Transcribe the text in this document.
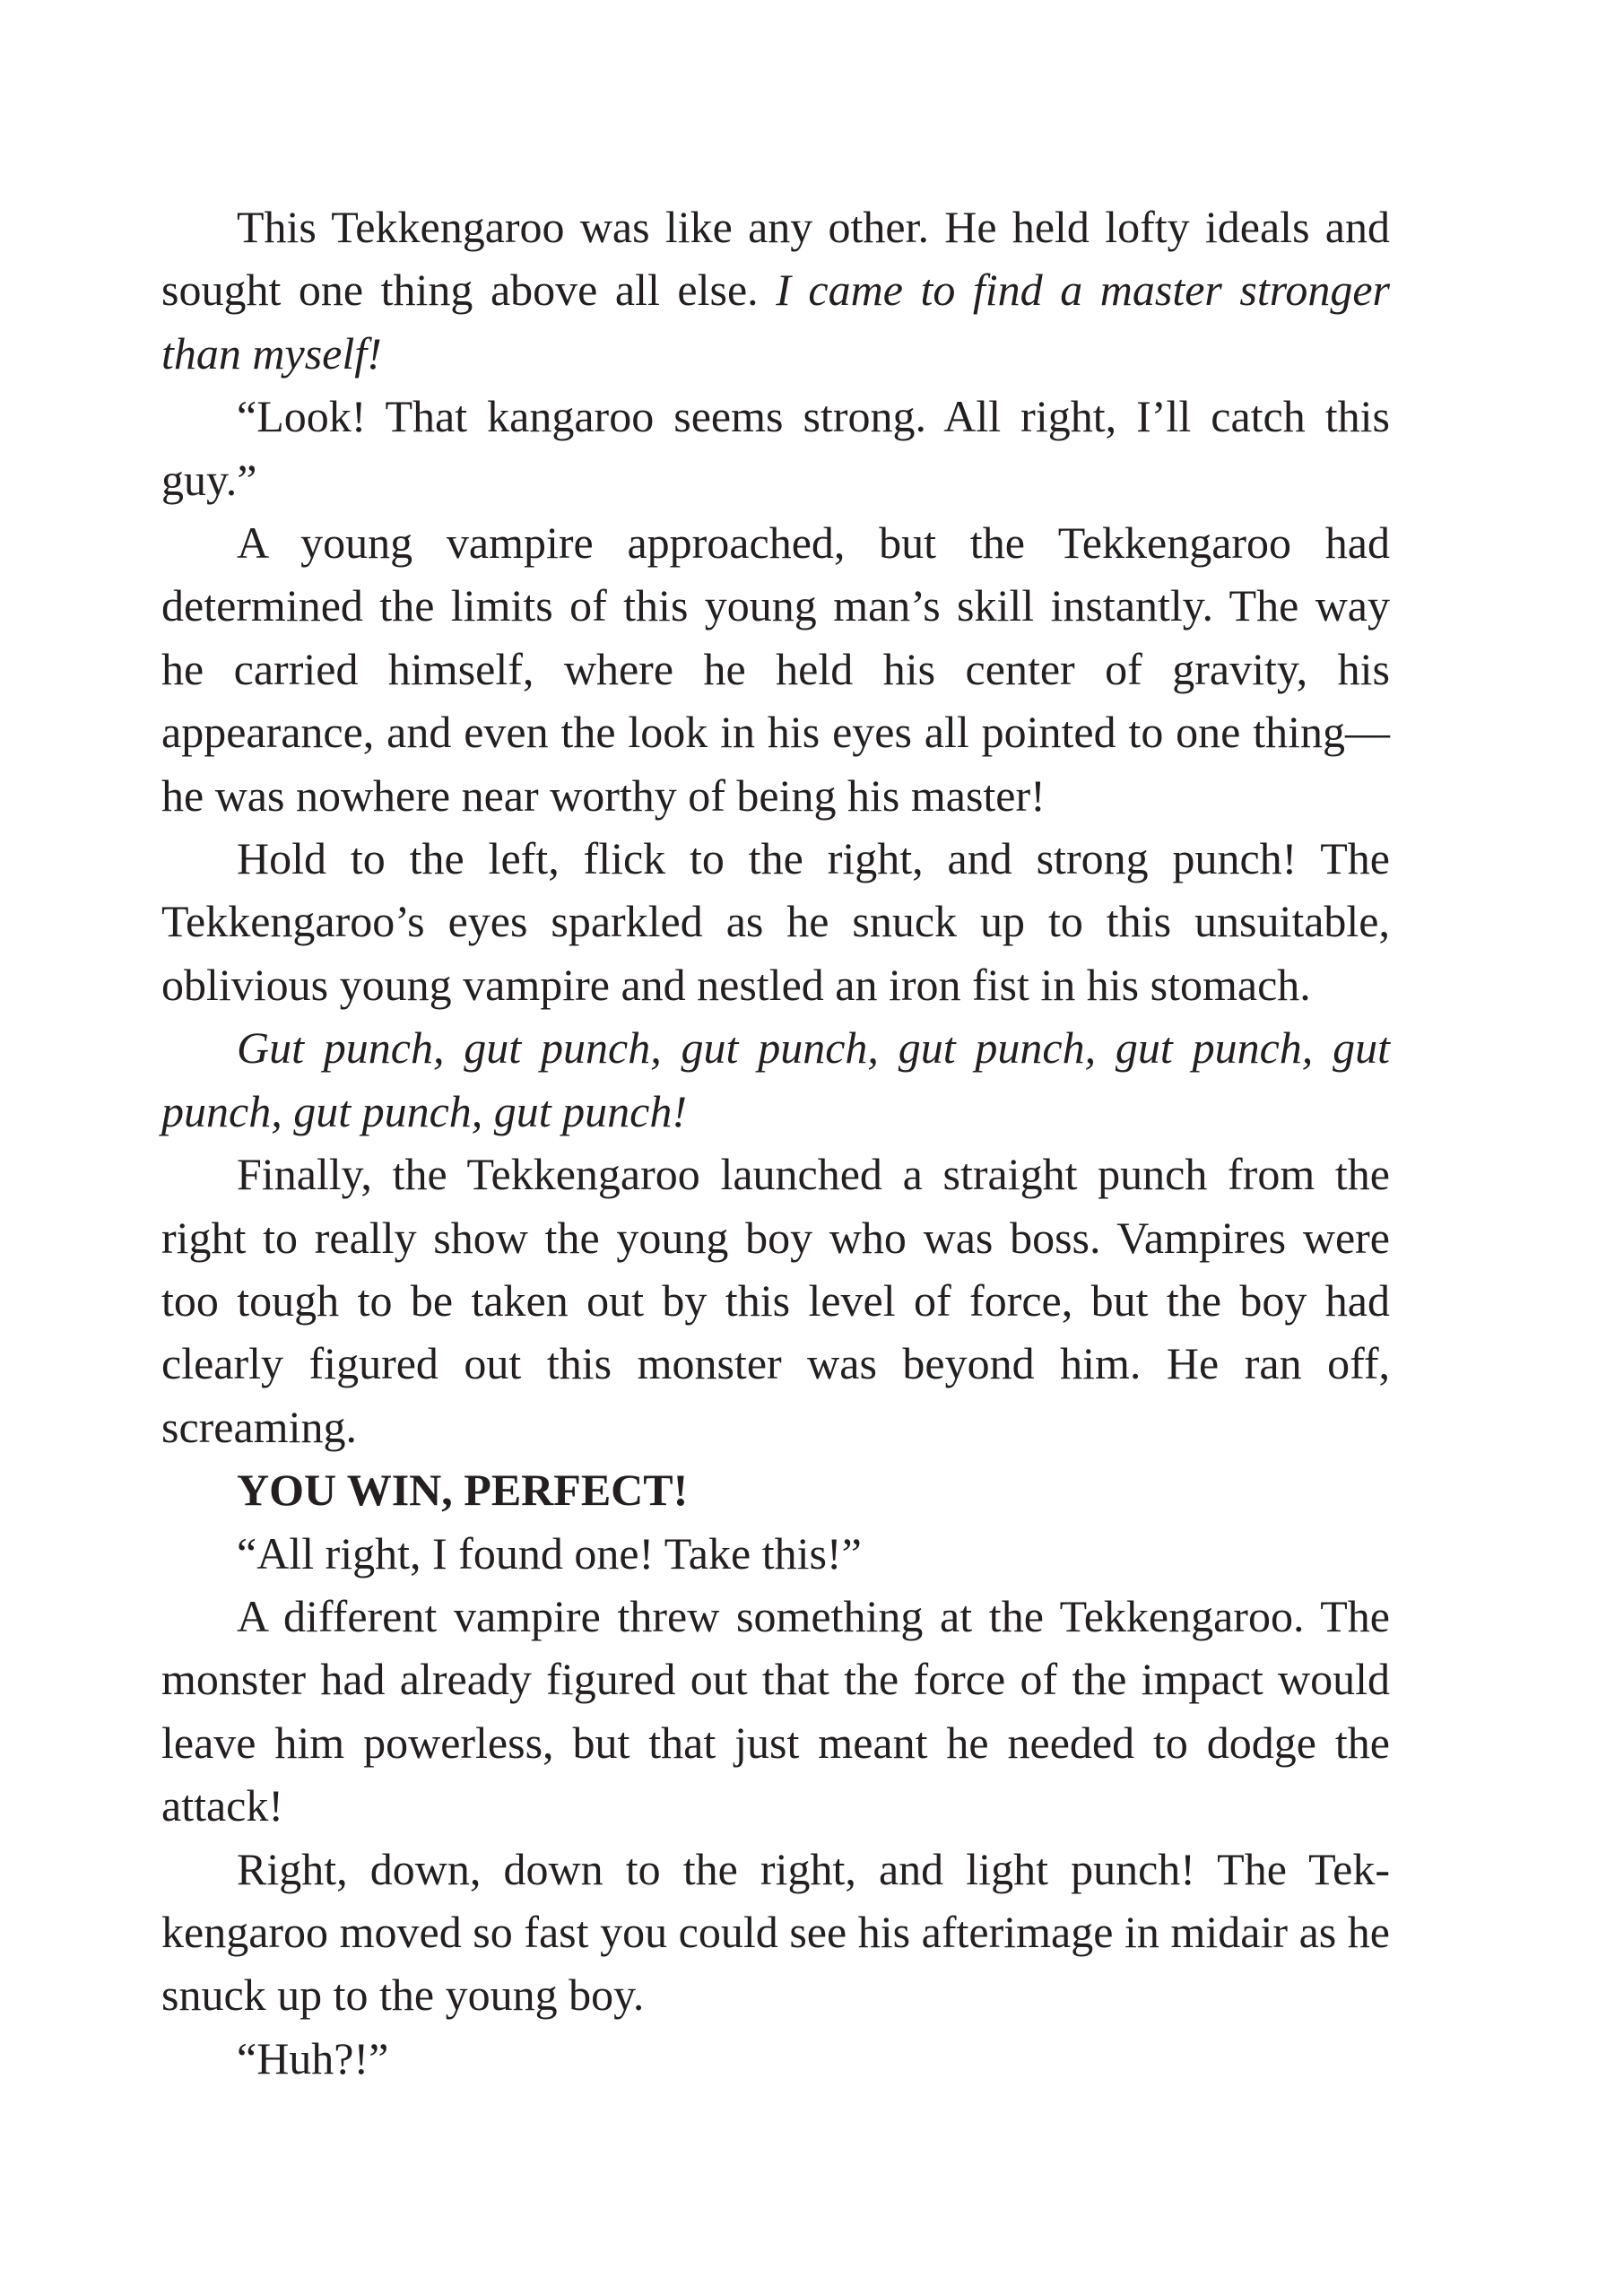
This Tekkengaroo was like any other. He held lofty ideals and sought one thing above all else. I came to find a master stronger than myself!

“Look! That kangaroo seems strong. All right, I’ll catch this guy.”

A young vampire approached, but the Tekkengaroo had determined the limits of this young man’s skill instantly. The way he carried himself, where he held his center of gravity, his appearance, and even the look in his eyes all pointed to one thing—he was nowhere near worthy of being his master!

Hold to the left, flick to the right, and strong punch! The Tekkengaroo’s eyes sparkled as he snuck up to this unsuitable, oblivious young vampire and nestled an iron fist in his stomach.

Gut punch, gut punch, gut punch, gut punch, gut punch, gut punch, gut punch, gut punch!

Finally, the Tekkengaroo launched a straight punch from the right to really show the young boy who was boss. Vampires were too tough to be taken out by this level of force, but the boy had clearly figured out this monster was beyond him. He ran off, screaming.

YOU WIN, PERFECT!

“All right, I found one! Take this!”

A different vampire threw something at the Tekkengaroo. The monster had already figured out that the force of the impact would leave him powerless, but that just meant he needed to dodge the attack!

Right, down, down to the right, and light punch! The Tekkengaroo moved so fast you could see his afterimage in midair as he snuck up to the young boy.

“Huh?!”
